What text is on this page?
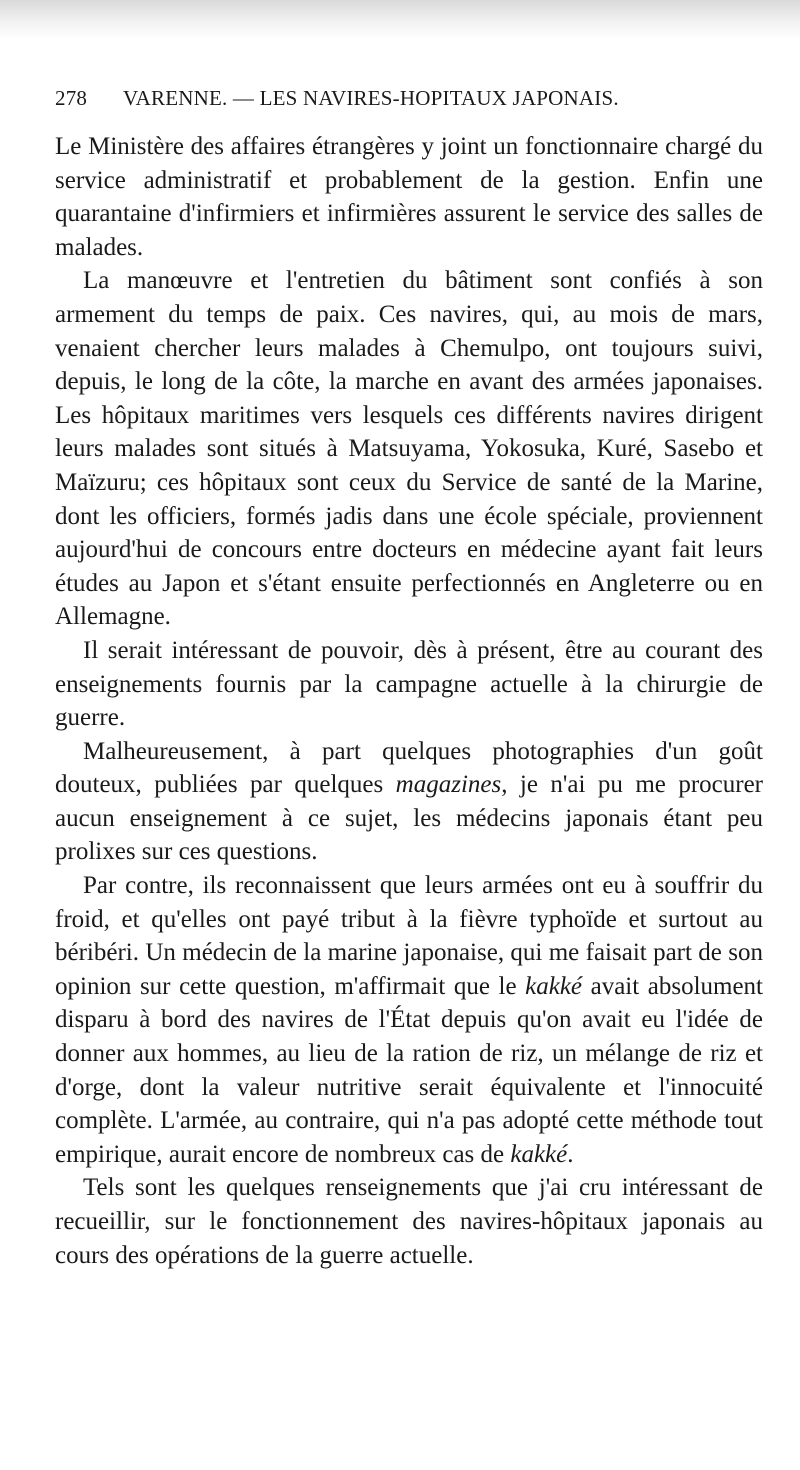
278	VARENNE. — LES NAVIRES-HOPITAUX JAPONAIS.

Le Ministère des affaires étrangères y joint un fonctionnaire chargé du service administratif et probablement de la gestion. Enfin une quarantaine d'infirmiers et infirmières assurent le service des salles de malades.

La manœuvre et l'entretien du bâtiment sont confiés à son armement du temps de paix. Ces navires, qui, au mois de mars, venaient chercher leurs malades à Chemulpo, ont toujours suivi, depuis, le long de la côte, la marche en avant des armées japonaises. Les hôpitaux maritimes vers lesquels ces différents navires dirigent leurs malades sont situés à Matsuyama, Yokosuka, Kuré, Sasebo et Maïzuru; ces hôpitaux sont ceux du Service de santé de la Marine, dont les officiers, formés jadis dans une école spéciale, proviennent aujourd'hui de concours entre docteurs en médecine ayant fait leurs études au Japon et s'étant ensuite perfectionnés en Angleterre ou en Allemagne.

Il serait intéressant de pouvoir, dès à présent, être au courant des enseignements fournis par la campagne actuelle à la chirurgie de guerre.

Malheureusement, à part quelques photographies d'un goût douteux, publiées par quelques magazines, je n'ai pu me procurer aucun enseignement à ce sujet, les médecins japonais étant peu prolixes sur ces questions.

Par contre, ils reconnaissent que leurs armées ont eu à souffrir du froid, et qu'elles ont payé tribut à la fièvre typhoïde et surtout au béribéri. Un médecin de la marine japonaise, qui me faisait part de son opinion sur cette question, m'affirmait que le kakké avait absolument disparu à bord des navires de l'État depuis qu'on avait eu l'idée de donner aux hommes, au lieu de la ration de riz, un mélange de riz et d'orge, dont la valeur nutritive serait équivalente et l'innocuité complète. L'armée, au contraire, qui n'a pas adopté cette méthode tout empirique, aurait encore de nombreux cas de kakké.

Tels sont les quelques renseignements que j'ai cru intéressant de recueillir, sur le fonctionnement des navires-hôpitaux japonais au cours des opérations de la guerre actuelle.
